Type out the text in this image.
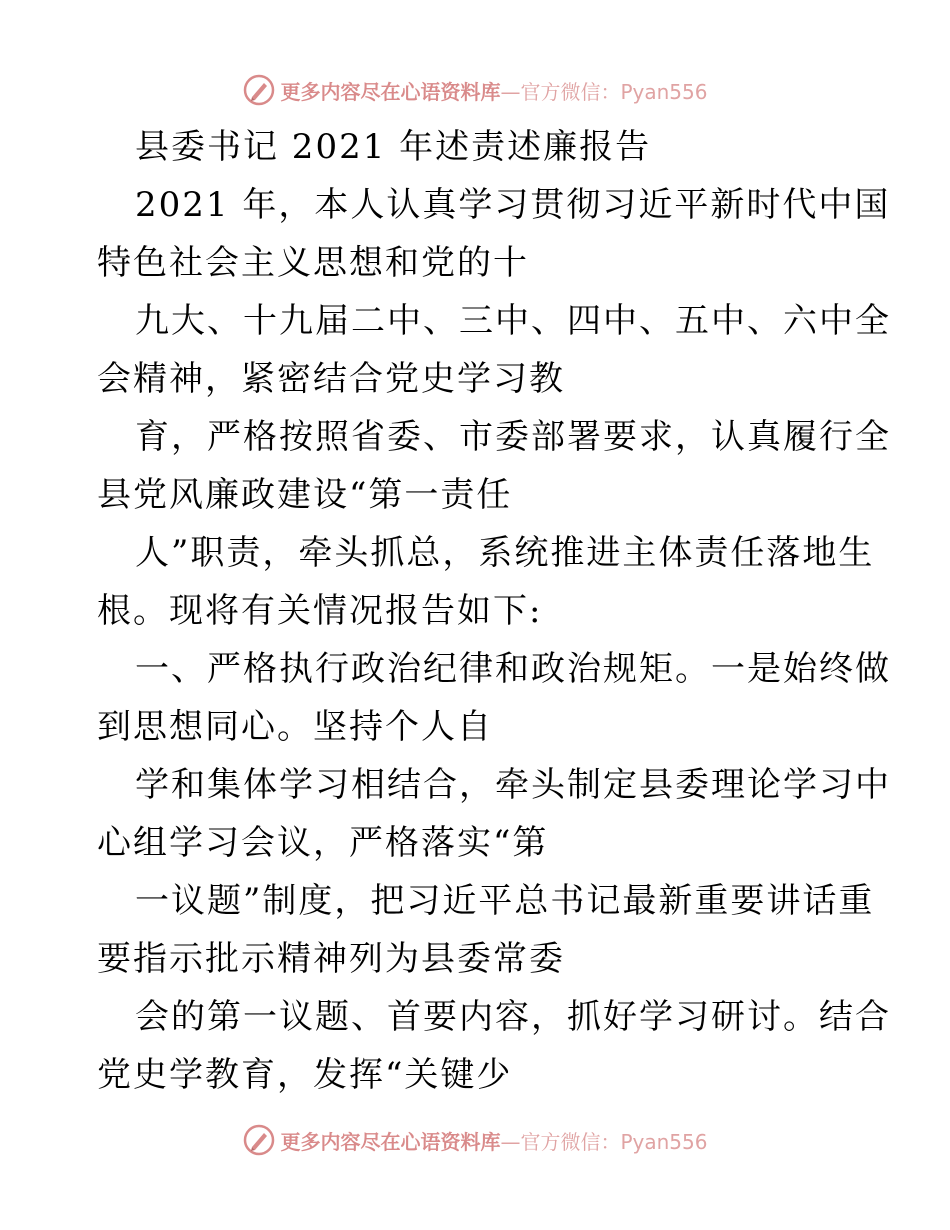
更多内容尽在心语资料库—官方微信：Pyan556
县委书记 2021 年述责述廉报告
2021 年，本人认真学习贯彻习近平新时代中国
特色社会主义思想和党的十
九大、十九届二中、三中、四中、五中、六中全
会精神，紧密结合党史学习教
育，严格按照省委、市委部署要求，认真履行全
县党风廉政建设“第一责任
人”职责，牵头抓总，系统推进主体责任落地生
根。现将有关情况报告如下:
一、严格执行政治纪律和政治规矩。一是始终做
到思想同心。坚持个人自
学和集体学习相结合，牵头制定县委理论学习中
心组学习会议，严格落实“第
一议题”制度，把习近平总书记最新重要讲话重
要指示批示精神列为县委常委
会的第一议题、首要内容，抓好学习研讨。结合
党史学教育，发挥“关键少
更多内容尽在心语资料库—官方微信：Pyan556
